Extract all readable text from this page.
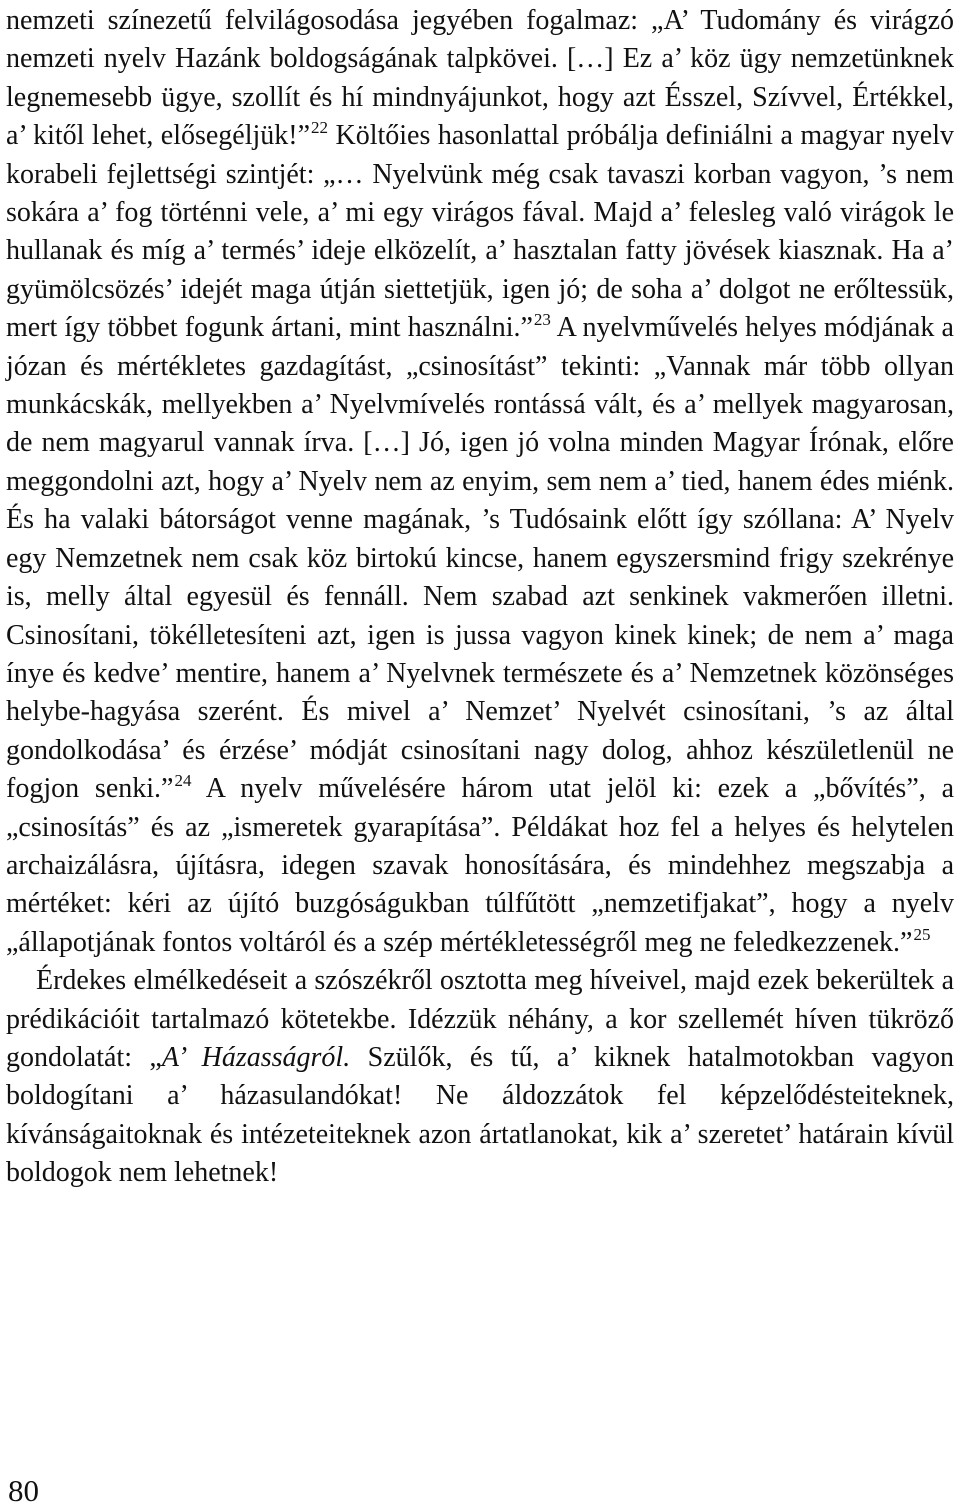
nemzeti színezetű felvilágosodása jegyében fogalmaz: „A’ Tudomány és virágzó nemzeti nyelv Hazánk boldogságának talpkövei. […] Ez a’ köz ügy nemzetünknek legnemesebb ügye, szollít és hí mindnyájunkot, hogy azt Ésszel, Szívvel, Értékkel, a’ kitől lehet, elősegéljük!”$^{22}$ Költőies hasonlattal próbálja definiálni a magyar nyelv korabeli fejlettségi szintjét: „… Nyelvünk még csak tavaszi korban vagyon, ’s nem sokára a’ fog történni vele, a’ mi egy virágos fával. Majd a’ felesleg való virágok le hullanak és míg a’ termés’ ideje elközelít, a’ hasztalan fatty jövések kiasznak. Ha a’ gyümölcsözés’ idejét maga útján siettetjük, igen jó; de soha a’ dolgot ne erőltessük, mert így többet fogunk ártani, mint használni.”$^{23}$ A nyelvművelés helyes módjának a józan és mértékletes gazdagítást, „csinosítást” tekinti: „Vannak már több ollyan munkácskák, mellyekben a’ Nyelvmívelés rontássá vált, és a’ mellyek magyarosan, de nem magyarul vannak írva. […] Jó, igen jó volna minden Magyar Írónak, előre meggondolni azt, hogy a’ Nyelv nem az enyim, sem nem a’ tied, hanem édes miénk. És ha valaki bátorságot venne magának, ’s Tudósaink előtt így szóllana: A’ Nyelv egy Nemzetnek nem csak köz birtokú kincse, hanem egyszersmind frigy szekrénye is, melly által egyesül és fennáll. Nem szabad azt senkinek vakmerően illetni. Csinosítani, tökélletesíteni azt, igen is jussa vagyon kinek kinek; de nem a’ maga ínye és kedve’ mentire, hanem a’ Nyelvnek természete és a’ Nemzetnek közönséges helybe-hagyása szerént. És mivel a’ Nemzet’ Nyelvét csinosítani, ’s az által gondolkodása’ és érzése’ módját csinosítani nagy dolog, ahhoz készületlenül ne fogjon senki.”$^{24}$ A nyelv művelésére három utat jelöl ki: ezek a „bővítés”, a „csinosítás” és az „ismeretek gyarapítása”. Példákat hoz fel a helyes és helytelen archaizálásra, újításra, idegen szavak honosítására, és mindehhez megszabja a mértéket: kéri az újító buzgóságukban túlfűtött „nemzetifjakat”, hogy a nyelv „állapotjának fontos voltáról és a szép mértékletességről meg ne feledkezzenek.”$^{25}$

Érdekes elmélkedéseit a szószékről osztotta meg híveivel, majd ezek bekerültek a prédikációit tartalmazó kötetekbe. Idézzük néhány, a kor szellemét híven tükröző gondolatát: „A’ Házasságról. Szülők, és tű, a’ kiknek hatalmotokban vagyon boldogítani a’ házasulandókat! Ne áldozzátok fel képzelődésteiteknek, kívánságaitoknak és intézeteiteknek azon ártatlanokat, kik a’ szeretet’ határain kívül boldogok nem lehetnek!

80
